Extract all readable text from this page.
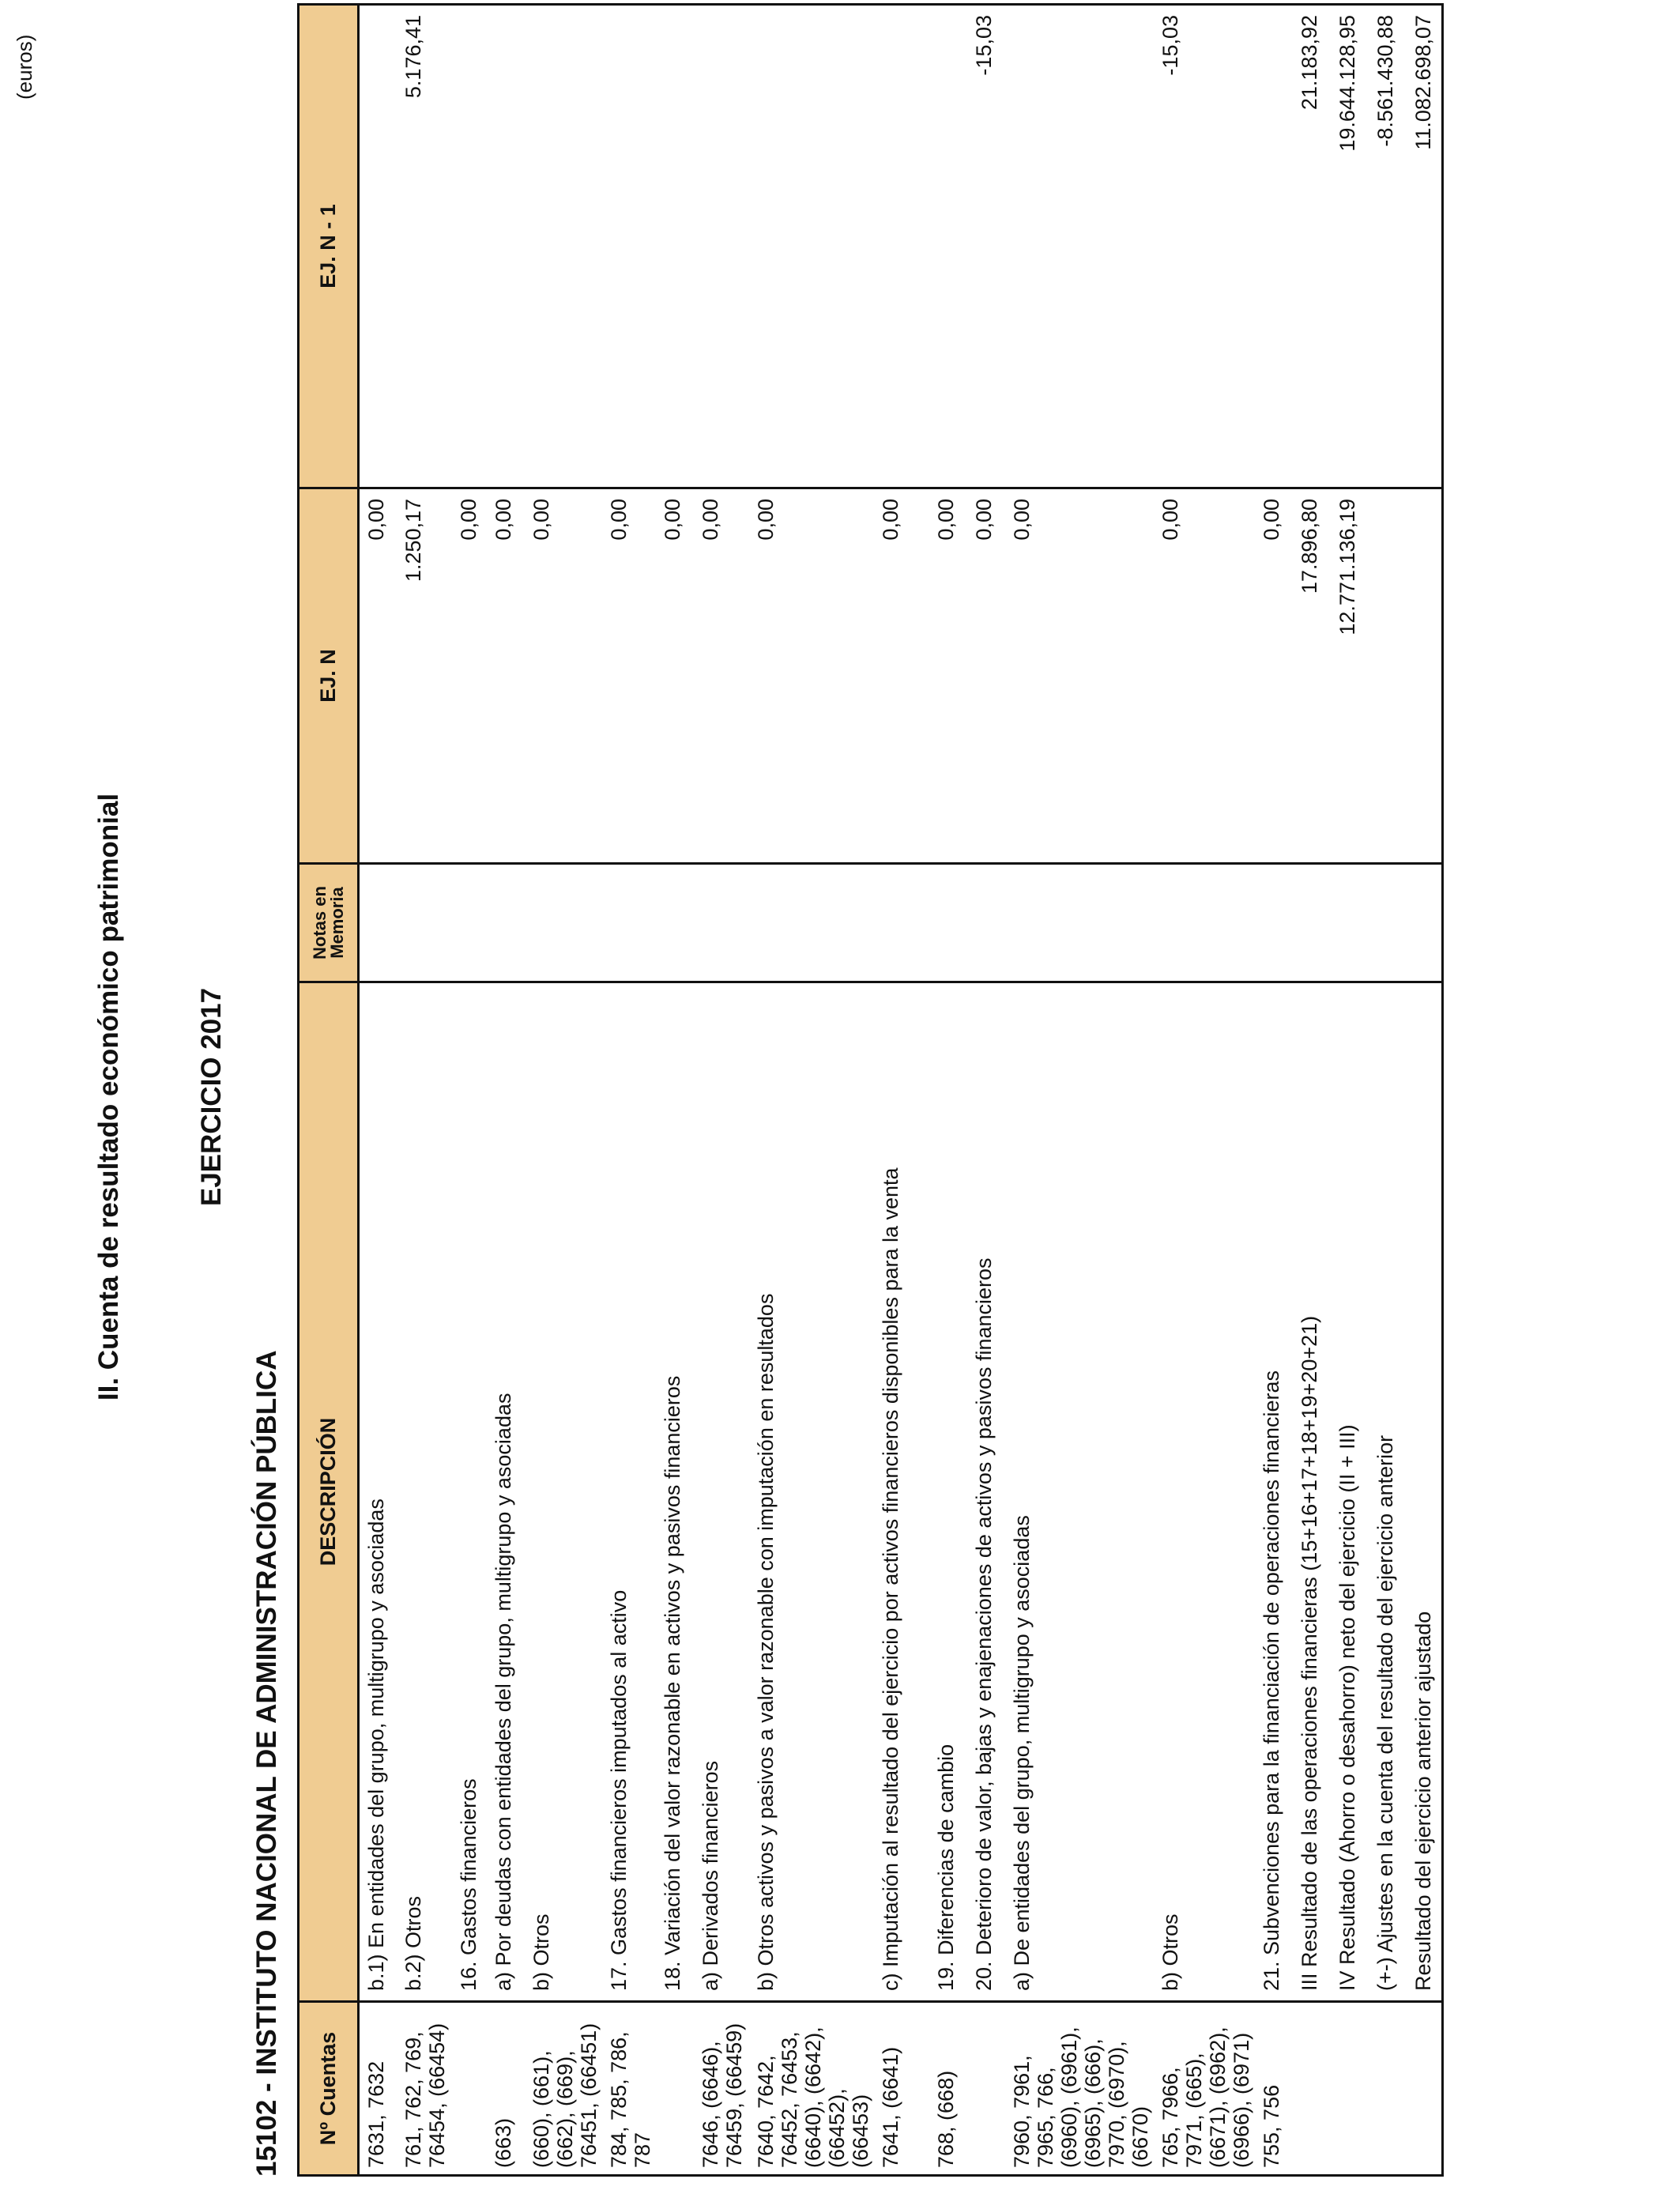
II. Cuenta de resultado económico patrimonial	EJERCICIO 2017
15102 - INSTITUTO NACIONAL DE ADMINISTRACIÓN PÚBLICA
(euros)
Nº Cuentas	DESCRIPCIÓN	Notas en Memoria	EJ. N	EJ. N - 1
7631, 7632	b.1) En entidades del grupo, multigrupo y asociadas		0,00	
761, 762, 769, 76454, (66454)	b.2) Otros		1.250,17	5.176,41
	16. Gastos financieros		0,00	
(663)	a) Por deudas con entidades del grupo, multigrupo y asociadas		0,00	
(660), (661), (662), (669), 76451, (66451)	b) Otros		0,00	
784, 785, 786, 787	17. Gastos financieros imputados al activo		0,00	
	18. Variación del valor razonable en activos y pasivos financieros		0,00	
7646, (6646), 76459, (66459)	a) Derivados financieros		0,00	
7640, 7642, 76452, 76453, (6640), (6642), (66452), (66453)	b) Otros activos y pasivos a valor razonable con imputación en resultados		0,00	
7641, (6641)	c) Imputación al resultado del ejercicio por activos financieros disponibles para la venta		0,00	
768, (668)	19. Diferencias de cambio		0,00	
	20. Deterioro de valor, bajas y enajenaciones de activos y pasivos financieros		0,00	-15,03
7960, 7961, 7965, 766, (6960), (6961), (6965), (666), 7970, (6970), (6670)	a) De entidades del grupo, multigrupo y asociadas		0,00	
765, 7966, 7971, (665), (6671), (6962), (6966), (6971)	b) Otros		0,00	-15,03
755, 756	21. Subvenciones para la financiación de operaciones financieras		0,00	
	III Resultado de las operaciones financieras (15+16+17+18+19+20+21)		17.896,80	21.183,92
	IV Resultado (Ahorro o desahorro) neto del ejercicio (II + III)		12.771.136,19	19.644.128,95
	(+-) Ajustes en la cuenta del resultado del ejercicio anterior			-8.561.430,88
	Resultado del ejercicio anterior ajustado			11.082.698,07
